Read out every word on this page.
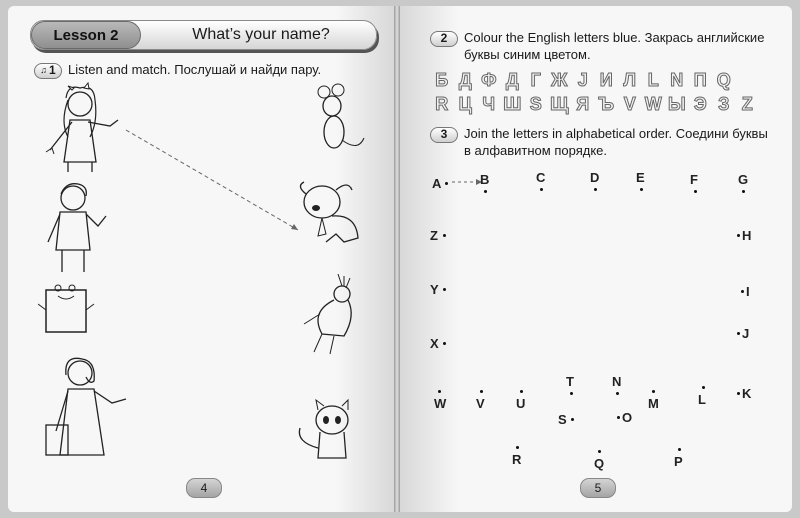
Lesson 2	What’s your name?
♫ 1 Listen and match. Послушай и найди пару.
2 Colour the English letters blue. Закрась английские
буквы синим цветом.
Б Д Ф Д Г Ж J И Л L N П Q
R Ц Ч Ш S Щ Я Ъ V W Ы Э З Z
3 Join the letters in alphabetical order. Соедини буквы
в алфавитном порядке.
A	B	C	D	E	F	G
H
I
J
K
L
M
N
O
P
Q
R
S
T
U
V
W
X
Y
Z
4	5
